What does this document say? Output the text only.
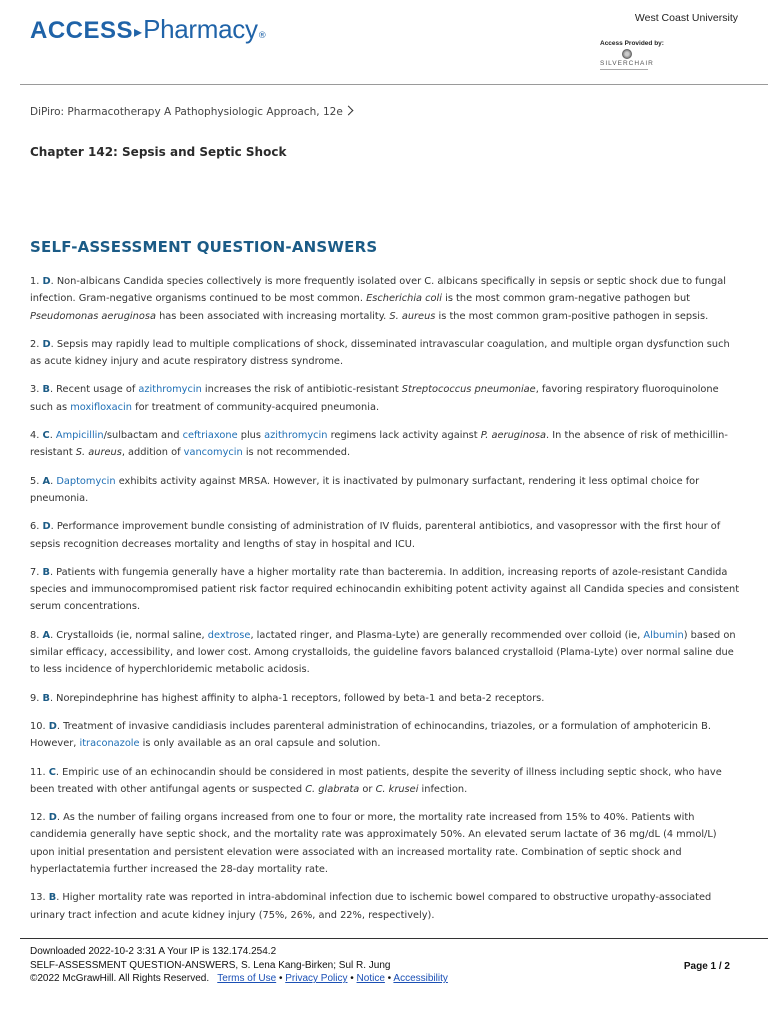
ACCESS ▸ Pharmacy ®
West Coast University
Access Provided by:
SILVERCHAIR
DiPiro: Pharmacotherapy A Pathophysiologic Approach, 12e
Chapter 142: Sepsis and Septic Shock
SELF-ASSESSMENT QUESTION-ANSWERS

1. D. Non-albicans Candida species collectively is more frequently isolated over C. albicans specifically in sepsis or septic shock due to fungal infection. Gram-negative organisms continued to be most common. Escherichia coli is the most common gram-negative pathogen but Pseudomonas aeruginosa has been associated with increasing mortality. S. aureus is the most common gram-positive pathogen in sepsis.

2. D. Sepsis may rapidly lead to multiple complications of shock, disseminated intravascular coagulation, and multiple organ dysfunction such as acute kidney injury and acute respiratory distress syndrome.

3. B. Recent usage of azithromycin increases the risk of antibiotic-resistant Streptococcus pneumoniae, favoring respiratory fluoroquinolone such as moxifloxacin for treatment of community-acquired pneumonia.

4. C. Ampicillin/sulbactam and ceftriaxone plus azithromycin regimens lack activity against P. aeruginosa. In the absence of risk of methicillin-resistant S. aureus, addition of vancomycin is not recommended.

5. A. Daptomycin exhibits activity against MRSA. However, it is inactivated by pulmonary surfactant, rendering it less optimal choice for pneumonia.

6. D. Performance improvement bundle consisting of administration of IV fluids, parenteral antibiotics, and vasopressor with the first hour of sepsis recognition decreases mortality and lengths of stay in hospital and ICU.

7. B. Patients with fungemia generally have a higher mortality rate than bacteremia. In addition, increasing reports of azole-resistant Candida species and immunocompromised patient risk factor required echinocandin exhibiting potent activity against all Candida species and consistent serum concentrations.

8. A. Crystalloids (ie, normal saline, dextrose, lactated ringer, and Plasma-Lyte) are generally recommended over colloid (ie, Albumin) based on similar efficacy, accessibility, and lower cost. Among crystalloids, the guideline favors balanced crystalloid (Plama-Lyte) over normal saline due to less incidence of hyperchloridemic metabolic acidosis.

9. B. Norepindephrine has highest affinity to alpha-1 receptors, followed by beta-1 and beta-2 receptors.

10. D. Treatment of invasive candidiasis includes parenteral administration of echinocandins, triazoles, or a formulation of amphotericin B. However, itraconazole is only available as an oral capsule and solution.

11. C. Empiric use of an echinocandin should be considered in most patients, despite the severity of illness including septic shock, who have been treated with other antifungal agents or suspected C. glabrata or C. krusei infection.

12. D. As the number of failing organs increased from one to four or more, the mortality rate increased from 15% to 40%. Patients with candidemia generally have septic shock, and the mortality rate was approximately 50%. An elevated serum lactate of 36 mg/dL (4 mmol/L) upon initial presentation and persistent elevation were associated with an increased mortality rate. Combination of septic shock and hyperlactatemia further increased the 28-day mortality rate.

13. B. Higher mortality rate was reported in intra-abdominal infection due to ischemic bowel compared to obstructive uropathy-associated urinary tract infection and acute kidney injury (75%, 26%, and 22%, respectively).

Downloaded 2022-10-2 3:31 A Your IP is 132.174.254.2
SELF-ASSESSMENT QUESTION-ANSWERS, S. Lena Kang-Birken; Sul R. Jung
©2022 McGrawHill. All Rights Reserved. Terms of Use • Privacy Policy • Notice • Accessibility
Page 1 / 2
